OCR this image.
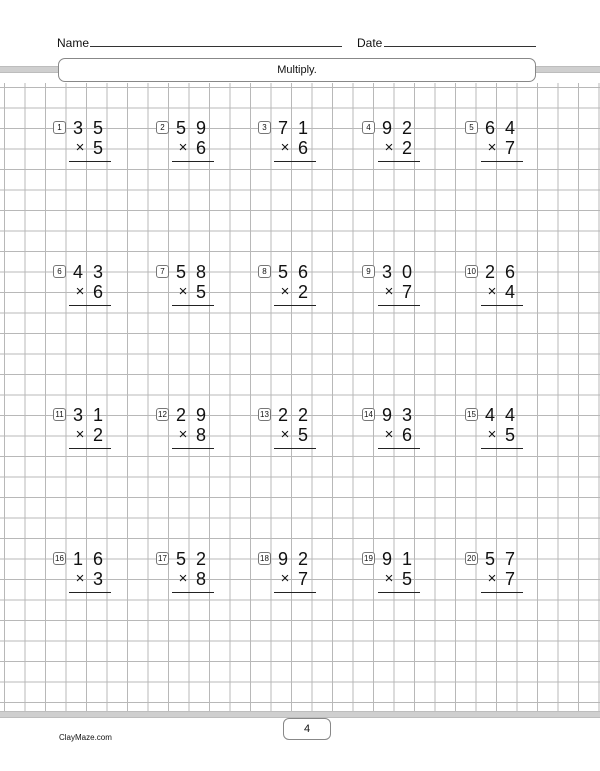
Name	Date
Multiply.
4
ClayMaze.com
1 3 5
× 5
2 5 9
× 6
3 7 1
× 6
4 9 2
× 2
5 6 4
× 7
6 4 3
× 6
7 5 8
× 5
8 5 6
× 2
9 3 0
× 7
10 2 6
× 4
11 3 1
× 2
12 2 9
× 8
13 2 2
× 5
14 9 3
× 6
15 4 4
× 5
16 1 6
× 3
17 5 2
× 8
18 9 2
× 7
19 9 1
× 5
20 5 7
× 7
